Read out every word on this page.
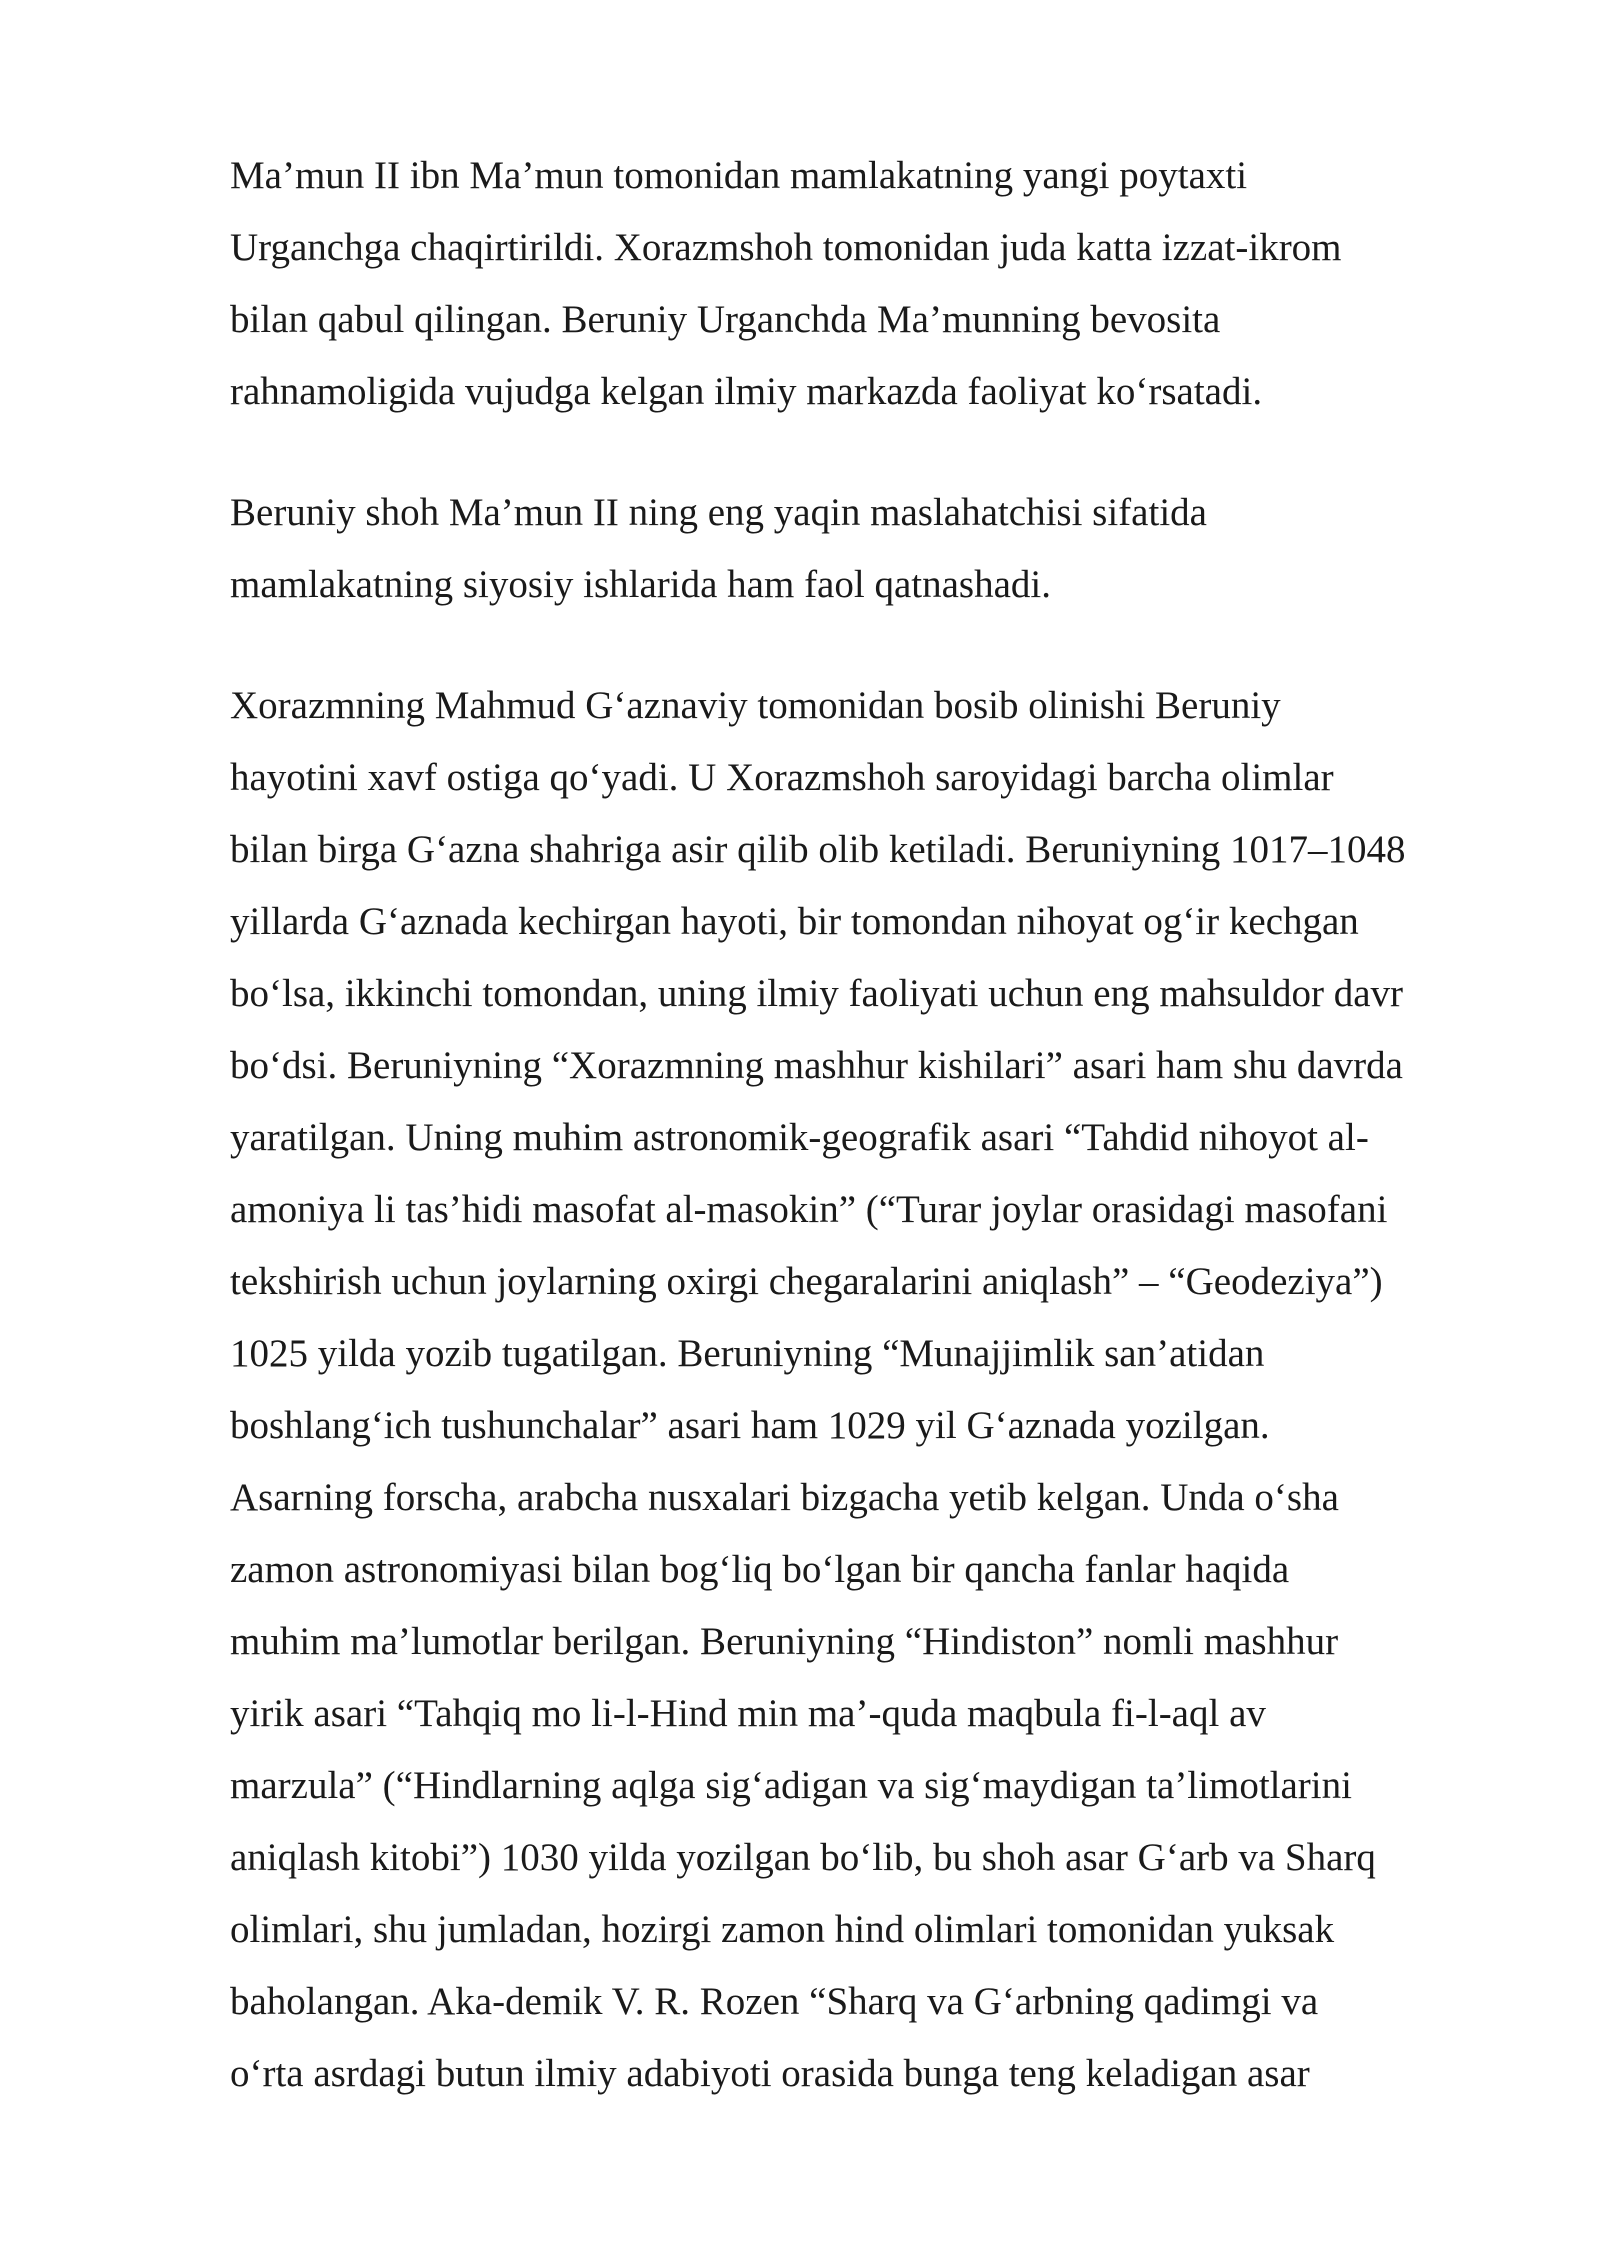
Ma’mun II ibn Ma’mun tomonidan mamlakatning yangi poytaxti
Urganchga chaqirtirildi. Xorazmshoh tomonidan juda katta izzat-ikrom
bilan qabul qilingan. Beruniy Urganchda Ma’munning bevosita
rahnamoligida vujudga kelgan ilmiy markazda faoliyat ko‘rsatadi.

Beruniy shoh Ma’mun II ning eng yaqin maslahatchisi sifatida
mamlakatning siyosiy ishlarida ham faol qatnashadi.

Xorazmning Mahmud G‘aznaviy tomonidan bosib olinishi Beruniy
hayotini xavf ostiga qo‘yadi. U Xorazmshoh saroyidagi barcha olimlar
bilan birga G‘azna shahriga asir qilib olib ketiladi. Beruniyning 1017–1048
yillarda G‘aznada kechirgan hayoti, bir tomondan nihoyat og‘ir kechgan
bo‘lsa, ikkinchi tomondan, uning ilmiy faoliyati uchun eng mahsuldor davr
bo‘dsi. Beruniyning “Xorazmning mashhur kishilari” asari ham shu davrda
yaratilgan. Uning muhim astronomik-geografik asari “Tahdid nihoyot al-
amoniya li tas’hidi masofat al-masokin” (“Turar joylar orasidagi masofani
tekshirish uchun joylarning oxirgi chegaralarini aniqlash” – “Geodeziya”)
1025 yilda yozib tugatilgan. Beruniyning “Munajjimlik san’atidan
boshlang‘ich tushunchalar” asari ham 1029 yil G‘aznada yozilgan.
Asarning forscha, arabcha nusxalari bizgacha yetib kelgan. Unda o‘sha
zamon astronomiyasi bilan bog‘liq bo‘lgan bir qancha fanlar haqida
muhim ma’lumotlar berilgan. Beruniyning “Hindiston” nomli mashhur
yirik asari “Tahqiq mo li-l-Hind min ma’-quda maqbula fi-l-aql av
marzula” (“Hindlarning aqlga sig‘adigan va sig‘maydigan ta’limotlarini
aniqlash kitobi”) 1030 yilda yozilgan bo‘lib, bu shoh asar G‘arb va Sharq
olimlari, shu jumladan, hozirgi zamon hind olimlari tomonidan yuksak
baholangan. Aka-demik V. R. Rozen “Sharq va G‘arbning qadimgi va
o‘rta asrdagi butun ilmiy adabiyoti orasida bunga teng keladigan asar
